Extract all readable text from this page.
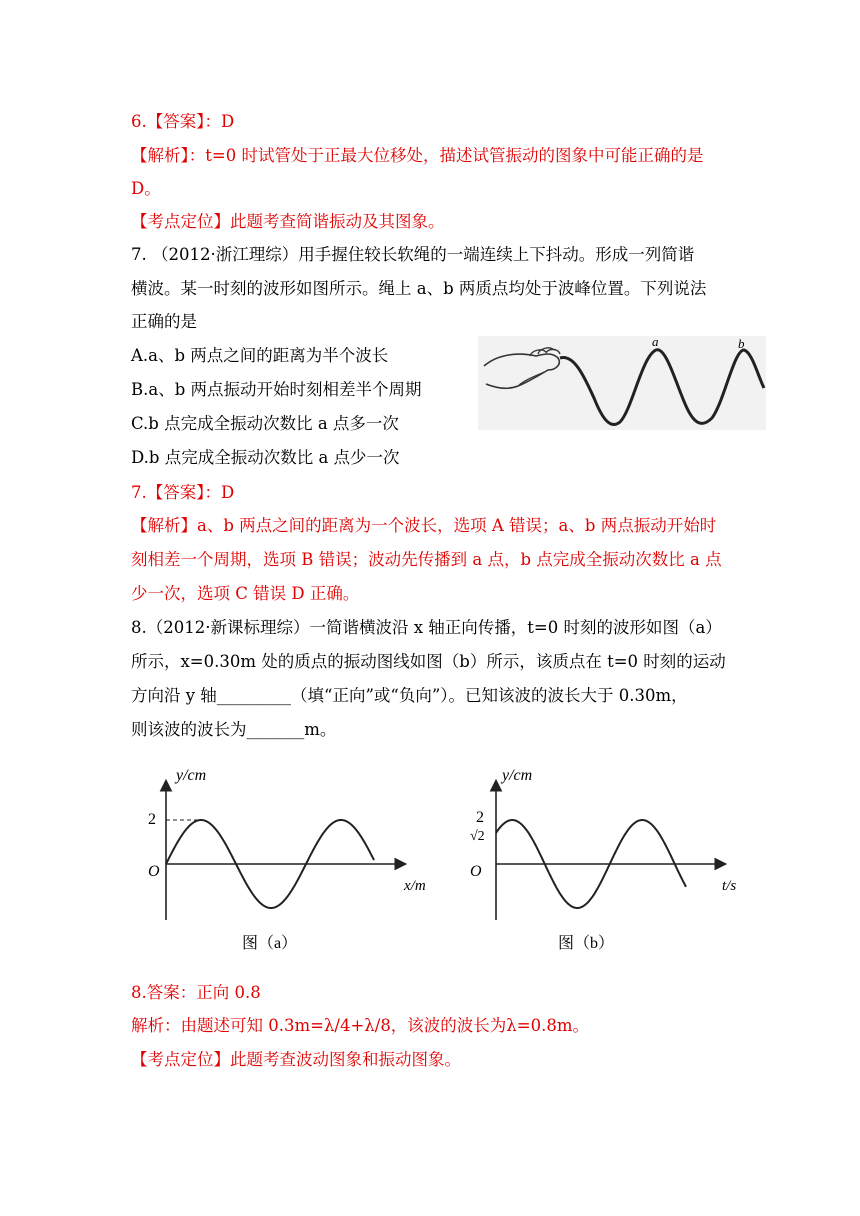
6.【答案】：D
【解析】：t=0 时试管处于正最大位移处，描述试管振动的图象中可能正确的是
D。
【考点定位】此题考查简谐振动及其图象。
7. （2012·浙江理综）用手握住较长软绳的一端连续上下抖动。形成一列简谐
横波。某一时刻的波形如图所示。绳上 a、b 两质点均处于波峰位置。下列说法
正确的是
A.a、b 两点之间的距离为半个波长
B.a、b 两点振动开始时刻相差半个周期
C.b 点完成全振动次数比 a 点多一次
D.b 点完成全振动次数比 a 点少一次
a	b
7.【答案】：D
【解析】a、b 两点之间的距离为一个波长，选项 A 错误；a、b 两点振动开始时
刻相差一个周期，选项 B 错误；波动先传播到 a 点，b 点完成全振动次数比 a 点
少一次，选项 C 错误 D 正确。
8.（2012·新课标理综）一简谐横波沿 x 轴正向传播，t=0 时刻的波形如图（a）
所示，x=0.30m 处的质点的振动图线如图（b）所示，该质点在 t=0 时刻的运动
方向沿 y 轴_________（填“正向”或“负向”）。已知该波的波长大于 0.30m，
则该波的波长为_______m。
y/cm
2
O
x/m
图（a）
y/cm
2
√2
O
t/s
图（b）
8.答案：正向 0.8
解析：由题述可知 0.3m=λ/4+λ/8，该波的波长为λ=0.8m。
【考点定位】此题考查波动图象和振动图象。
